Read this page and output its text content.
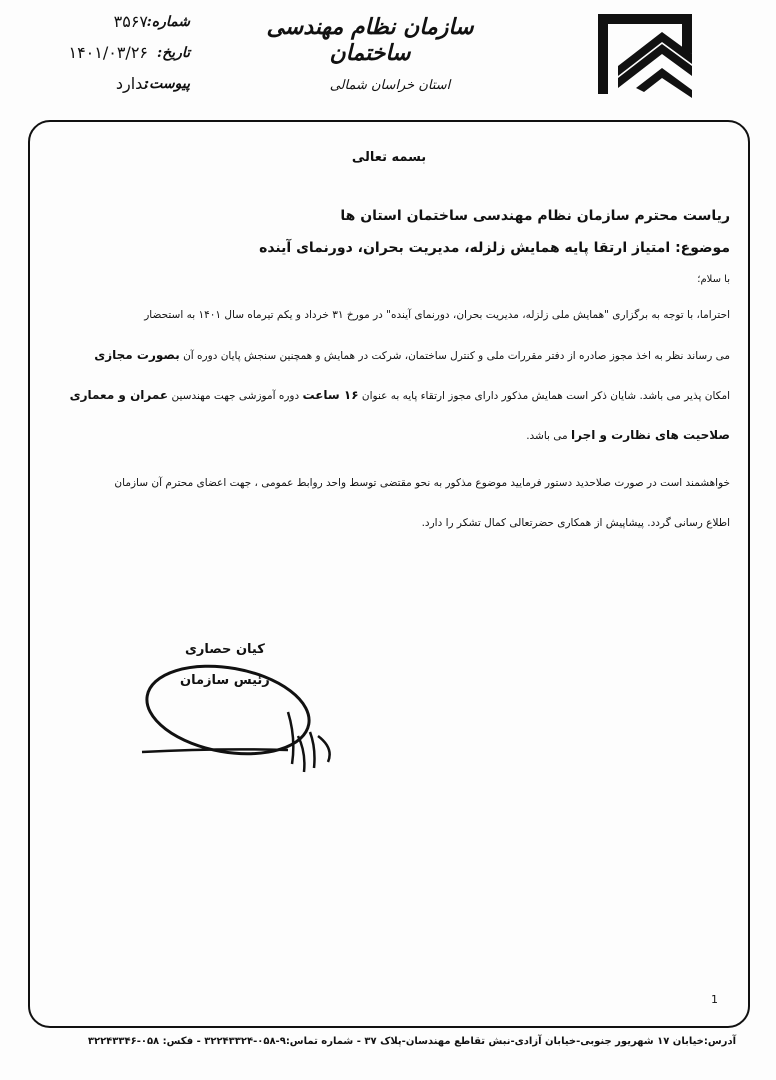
شماره:
۳۵۶۷
تاریخ:
۱۴۰۱/۰۳/۲۶
پیوست:
ندارد
سازمان نظام مهندسی ساختمان
استان خراسان شمالی
بسمه تعالی
ریاست محترم سازمان نظام مهندسی ساختمان استان ها
موضوع: امتیاز ارتقا پایه همایش زلزله، مدیریت بحران، دورنمای آینده
با سلام؛
احتراما، با توجه به برگزاری "همایش ملی زلزله، مدیریت بحران، دورنمای آینده" در مورخ ۳۱ خرداد و یکم تیرماه سال ۱۴۰۱ به استحضار
می رساند نظر به اخذ مجوز صادره از دفتر مقررات ملی و کنترل ساختمان، شرکت در همایش و همچنین سنجش پایان دوره آن بصورت مجازی
امکان پذیر می باشد. شایان ذکر است همایش مذکور دارای مجوز ارتقاء پایه به عنوان ۱۶ ساعت دوره آموزشی جهت مهندسین عمران و معماری
صلاحیت های نظارت و اجرا می باشد.
خواهشمند است در صورت صلاحدید دستور فرمایید موضوع مذکور به نحو مقتضی توسط واحد روابط عمومی ، جهت اعضای محترم آن سازمان
اطلاع رسانی گردد. پیشاپیش از همکاری حضرتعالی کمال تشکر را دارد.
کیان حصاری
رئیس سازمان
1
آدرس:خیابان ۱۷ شهریور جنوبی-خیابان آزادی-نبش تقاطع مهندسان-پلاک ۳۷ - شماره تماس:۹-۰۵۸-۳۲۲۴۳۳۲۴ - فکس: ۰۵۸-۳۲۲۴۳۳۴۶
